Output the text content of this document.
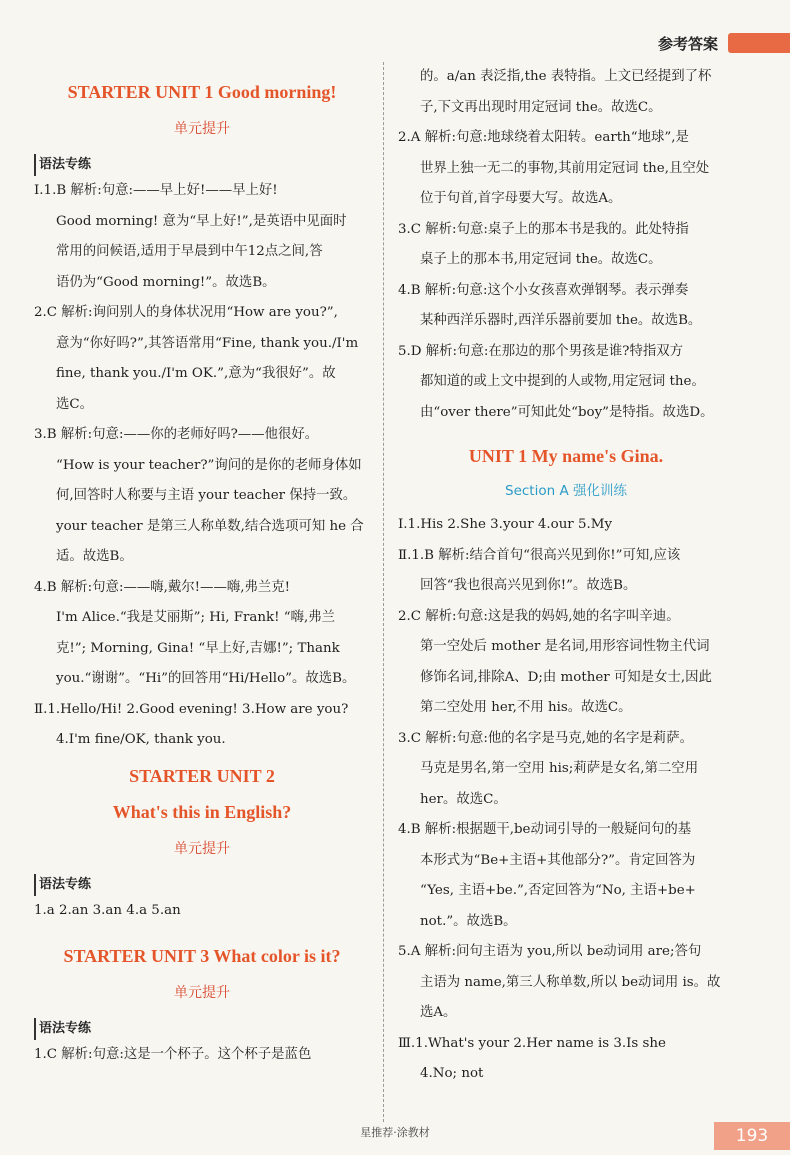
参考答案
STARTER UNIT 1 Good morning!
单元提升
语法专练

Ⅰ.1.B 解析:句意:——早上好!——早上好!

Good morning! 意为“早上好!”,是英语中见面时

常用的问候语,适用于早晨到中午12点之间,答

语仍为“Good morning!”。故选B。

2.C 解析:询问别人的身体状况用“How are you?”,

意为“你好吗?”,其答语常用“Fine, thank you./I'm

fine, thank you./I'm OK.”,意为“我很好”。故

选C。

3.B 解析:句意:——你的老师好吗?——他很好。

“How is your teacher?”询问的是你的老师身体如

何,回答时人称要与主语 your teacher 保持一致。

your teacher 是第三人称单数,结合选项可知 he 合

适。故选B。

4.B 解析:句意:——嗨,戴尔!——嗨,弗兰克!

I'm Alice.“我是艾丽斯”; Hi, Frank! “嗨,弗兰

克!”; Morning, Gina! “早上好,吉娜!”; Thank

you.“谢谢”。“Hi”的回答用“Hi/Hello”。故选B。

Ⅱ.1.Hello/Hi! 2.Good evening! 3.How are you?

4.I'm fine/OK, thank you.

STARTER UNIT 2
What's this in English?
单元提升
语法专练

1.a 2.an 3.an 4.a 5.an

STARTER UNIT 3 What color is it?
单元提升
语法专练

1.C 解析:句意:这是一个杯子。这个杯子是蓝色

的。a/an 表泛指,the 表特指。上文已经提到了杯

子,下文再出现时用定冠词 the。故选C。

2.A 解析:句意:地球绕着太阳转。earth“地球”,是

世界上独一无二的事物,其前用定冠词 the,且空处

位于句首,首字母要大写。故选A。

3.C 解析:句意:桌子上的那本书是我的。此处特指

桌子上的那本书,用定冠词 the。故选C。

4.B 解析:句意:这个小女孩喜欢弹钢琴。表示弹奏

某种西洋乐器时,西洋乐器前要加 the。故选B。

5.D 解析:句意:在那边的那个男孩是谁?特指双方

都知道的或上文中提到的人或物,用定冠词 the。

由“over there”可知此处“boy”是特指。故选D。

UNIT 1 My name's Gina.
Section A 强化训练

Ⅰ.1.His 2.She 3.your 4.our 5.My

Ⅱ.1.B 解析:结合首句“很高兴见到你!”可知,应该

回答“我也很高兴见到你!”。故选B。

2.C 解析:句意:这是我的妈妈,她的名字叫辛迪。

第一空处后 mother 是名词,用形容词性物主代词

修饰名词,排除A、D;由 mother 可知是女士,因此

第二空处用 her,不用 his。故选C。

3.C 解析:句意:他的名字是马克,她的名字是莉萨。

马克是男名,第一空用 his;莉萨是女名,第二空用

her。故选C。

4.B 解析:根据题干,be动词引导的一般疑问句的基

本形式为“Be+主语+其他部分?”。肯定回答为

“Yes, 主语+be.”,否定回答为“No, 主语+be+

not.”。故选B。

5.A 解析:问句主语为 you,所以 be动词用 are;答句

主语为 name,第三人称单数,所以 be动词用 is。故

选A。

Ⅲ.1.What's your 2.Her name is 3.Is she

4.No; not

星推荐·涂教材	193
